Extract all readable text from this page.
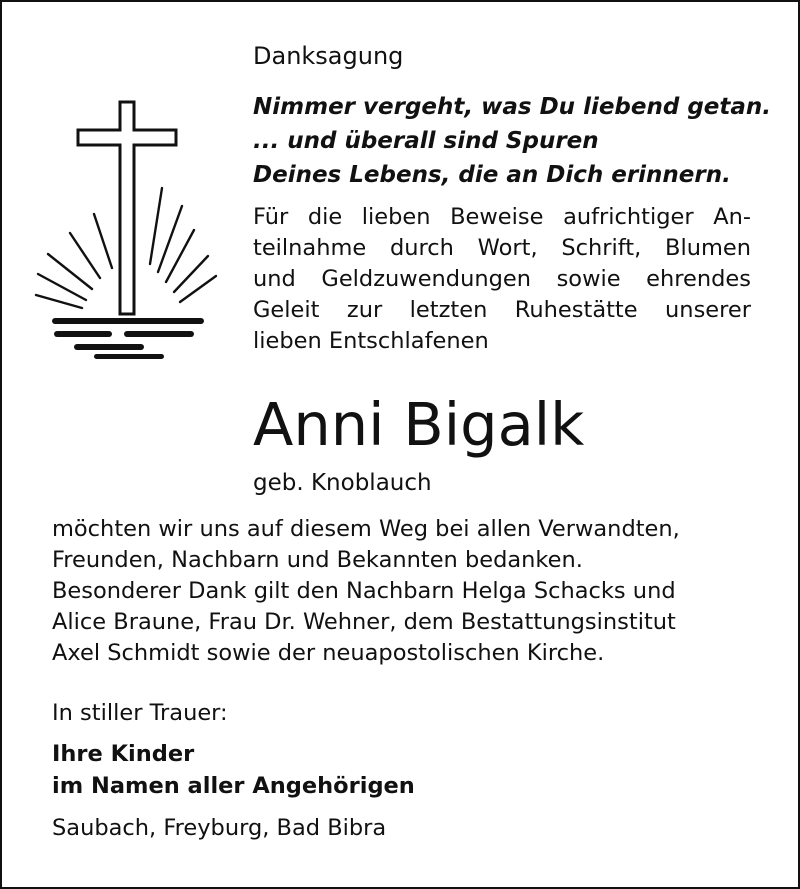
Danksagung
Nimmer vergeht, was Du liebend getan.
... und überall sind Spuren
Deines Lebens, die an Dich erinnern.
Für die lieben Beweise aufrichtiger An-
teilnahme durch Wort, Schrift, Blumen
und Geldzuwendungen sowie ehrendes
Geleit zur letzten Ruhestätte unserer
lieben Entschlafenen
Anni Bigalk
geb. Knoblauch
möchten wir uns auf diesem Weg bei allen Verwandten,
Freunden, Nachbarn und Bekannten bedanken.
Besonderer Dank gilt den Nachbarn Helga Schacks und
Alice Braune, Frau Dr. Wehner, dem Bestattungsinstitut
Axel Schmidt sowie der neuapostolischen Kirche.
In stiller Trauer:
Ihre Kinder
im Namen aller Angehörigen
Saubach, Freyburg, Bad Bibra
